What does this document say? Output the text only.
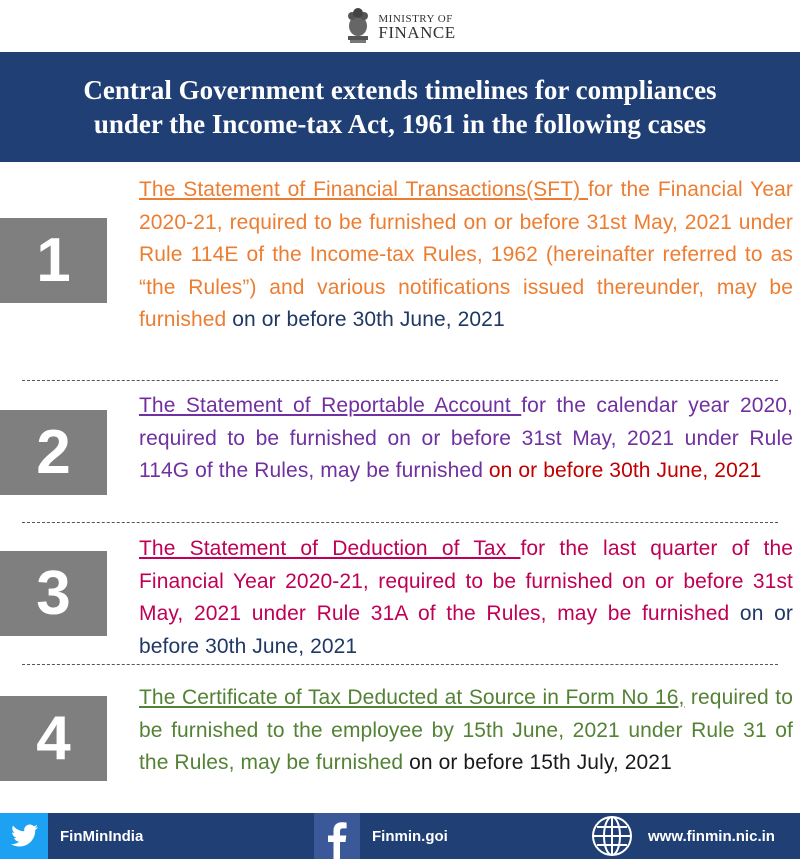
MINISTRY OF
FINANCE
Central Government extends timelines for compliances
under the Income-tax Act, 1961 in the following cases
1
The Statement of Financial Transactions(SFT) for the Financial Year 2020-21, required to be furnished on or before 31st May, 2021 under Rule 114E of the Income-tax Rules, 1962 (hereinafter referred to as “the Rules”) and various notifications issued thereunder, may be furnished on or before 30th June, 2021
2
The Statement of Reportable Account for the calendar year 2020, required to be furnished on or before 31st May, 2021 under Rule 114G of the Rules, may be furnished on or before 30th June, 2021
3
The Statement of Deduction of Tax for the last quarter of the Financial Year 2020-21, required to be furnished on or before 31st May, 2021 under Rule 31A of the Rules, may be furnished on or before 30th June, 2021
4
The Certificate of Tax Deducted at Source in Form No 16, required to be furnished to the employee by 15th June, 2021 under Rule 31 of the Rules, may be furnished on or before 15th July, 2021
FinMinIndia	Finmin.goi	www.finmin.nic.in
